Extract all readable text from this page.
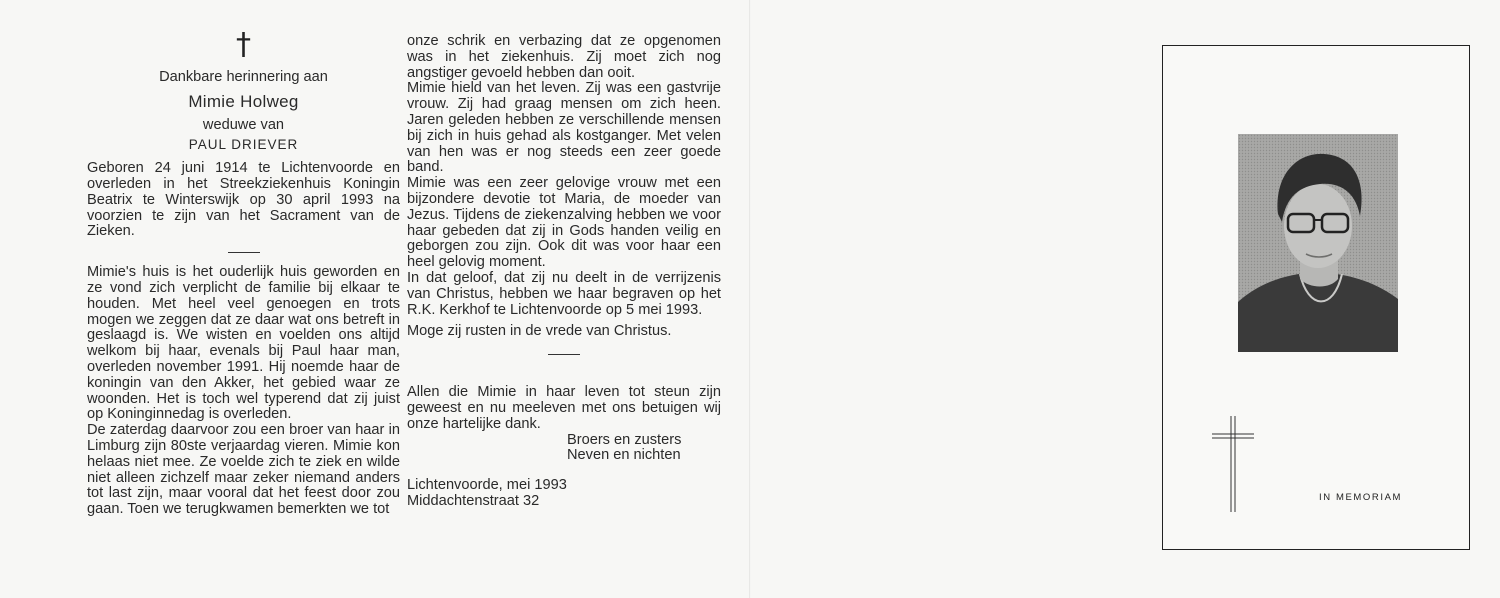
†

Dankbare herinnering aan

Mimie Holweg

weduwe van

PAUL DRIEVER

Geboren 24 juni 1914 te Lichtenvoorde en overleden in het Streekziekenhuis Koningin Beatrix te Winterswijk op 30 april 1993 na voorzien te zijn van het Sacrament van de Zieken.

Mimie's huis is het ouderlijk huis geworden en ze vond zich verplicht de familie bij elkaar te houden. Met heel veel genoegen en trots mogen we zeggen dat ze daar wat ons betreft in geslaagd is. We wisten en voelden ons altijd welkom bij haar, evenals bij Paul haar man, overleden november 1991. Hij noemde haar de koningin van den Akker, het gebied waar ze woonden. Het is toch wel typerend dat zij juist op Koninginnedag is overleden.

De zaterdag daarvoor zou een broer van haar in Limburg zijn 80ste verjaardag vieren. Mimie kon helaas niet mee. Ze voelde zich te ziek en wilde niet alleen zichzelf maar zeker niemand anders tot last zijn, maar vooral dat het feest door zou gaan. Toen we terugkwamen bemerkten we tot

onze schrik en verbazing dat ze opgenomen was in het ziekenhuis. Zij moet zich nog angstiger gevoeld hebben dan ooit.

Mimie hield van het leven. Zij was een gastvrije vrouw. Zij had graag mensen om zich heen. Jaren geleden hebben ze verschillende mensen bij zich in huis gehad als kostganger. Met velen van hen was er nog steeds een zeer goede band.

Mimie was een zeer gelovige vrouw met een bijzondere devotie tot Maria, de moeder van Jezus. Tijdens de ziekenzalving hebben we voor haar gebeden dat zij in Gods handen veilig en geborgen zou zijn. Ook dit was voor haar een heel gelovig moment.

In dat geloof, dat zij nu deelt in de verrijzenis van Christus, hebben we haar begraven op het R.K. Kerkhof te Lichtenvoorde op 5 mei 1993.

Moge zij rusten in de vrede van Christus.

Allen die Mimie in haar leven tot steun zijn geweest en nu meeleven met ons betuigen wij onze hartelijke dank.

Broers en zusters

Neven en nichten

Lichtenvoorde, mei 1993

Middachtenstraat 32	IN MEMORIAM
